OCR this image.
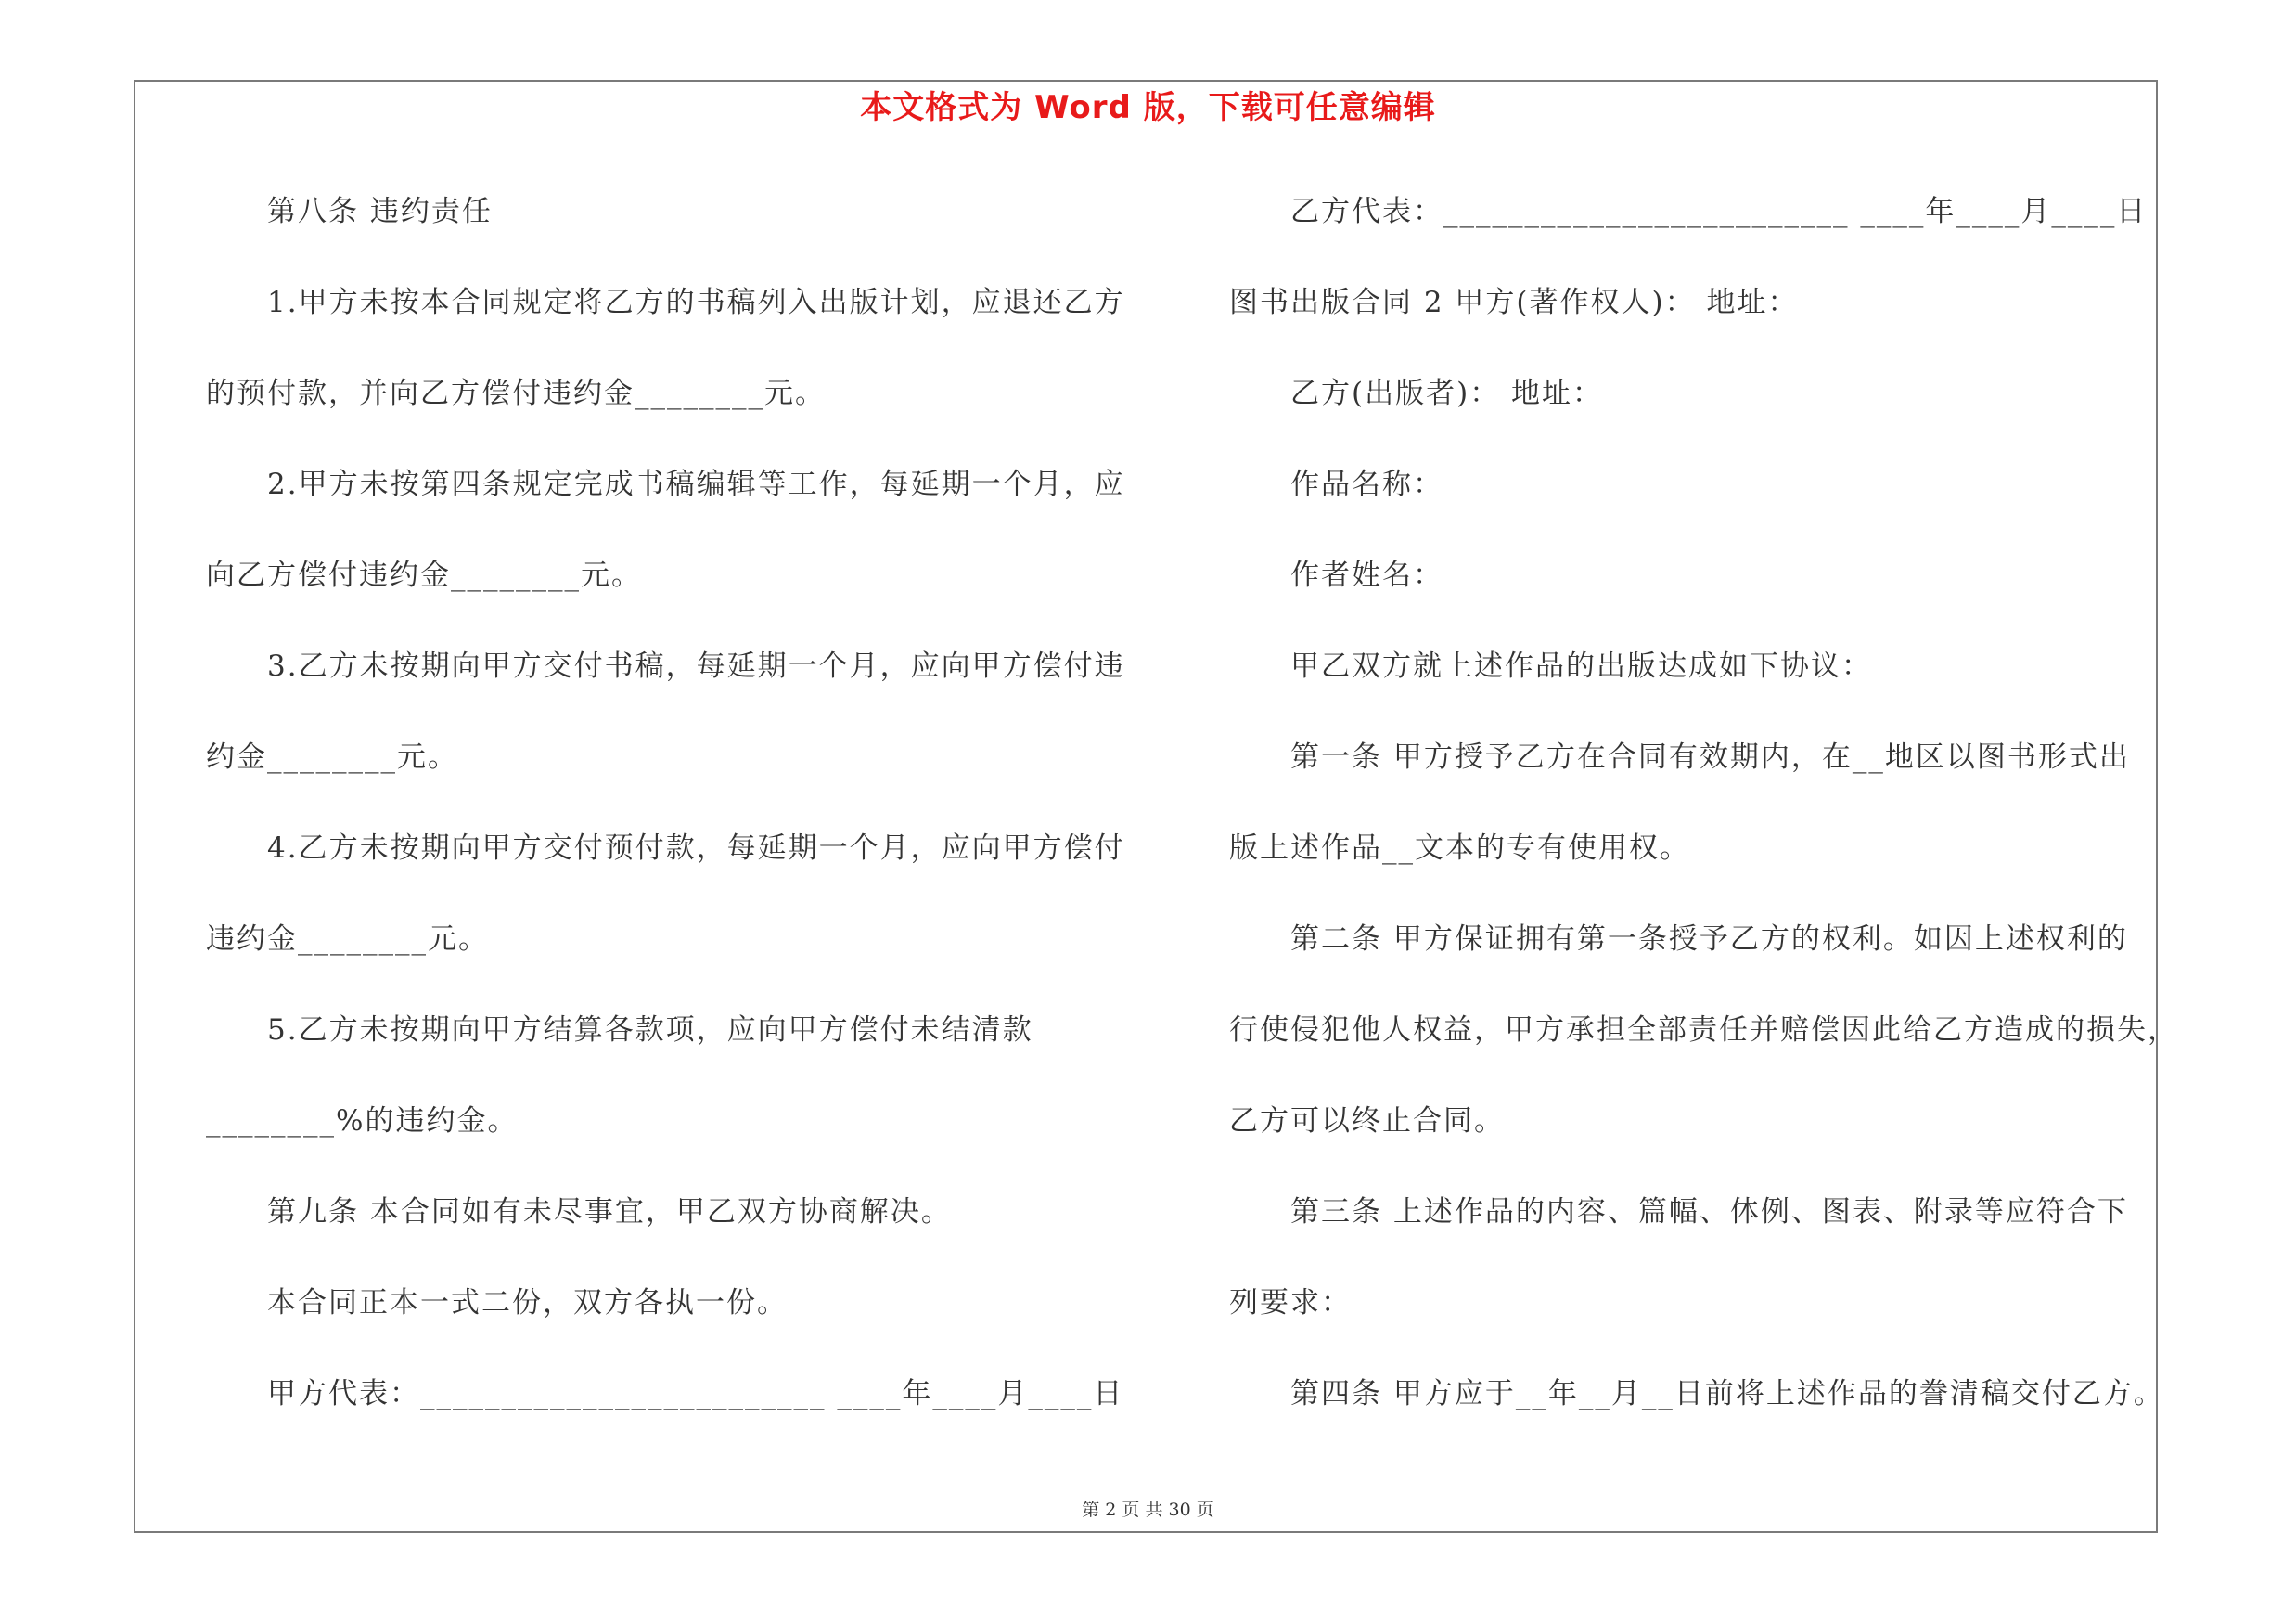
本文格式为 Word 版，下载可任意编辑
第八条 违约责任
1.甲方未按本合同规定将乙方的书稿列入出版计划，应退还乙方
的预付款，并向乙方偿付违约金________元。
2.甲方未按第四条规定完成书稿编辑等工作，每延期一个月，应
向乙方偿付违约金________元。
3.乙方未按期向甲方交付书稿，每延期一个月，应向甲方偿付违
约金________元。
4.乙方未按期向甲方交付预付款，每延期一个月，应向甲方偿付
违约金________元。
5.乙方未按期向甲方结算各款项，应向甲方偿付未结清款
________%的违约金。
第九条 本合同如有未尽事宜，甲乙双方协商解决。
本合同正本一式二份，双方各执一份。
甲方代表：_________________________ ____年____月____日
乙方代表：_________________________ ____年____月____日
图书出版合同 2 甲方(著作权人)： 地址：
乙方(出版者)： 地址：
作品名称：
作者姓名：
甲乙双方就上述作品的出版达成如下协议：
第一条 甲方授予乙方在合同有效期内，在__地区以图书形式出
版上述作品__文本的专有使用权。
第二条 甲方保证拥有第一条授予乙方的权利。如因上述权利的
行使侵犯他人权益，甲方承担全部责任并赔偿因此给乙方造成的损失，
乙方可以终止合同。
第三条 上述作品的内容、篇幅、体例、图表、附录等应符合下
列要求：
第四条 甲方应于__年__月__日前将上述作品的誊清稿交付乙方。
第 2 页 共 30 页
